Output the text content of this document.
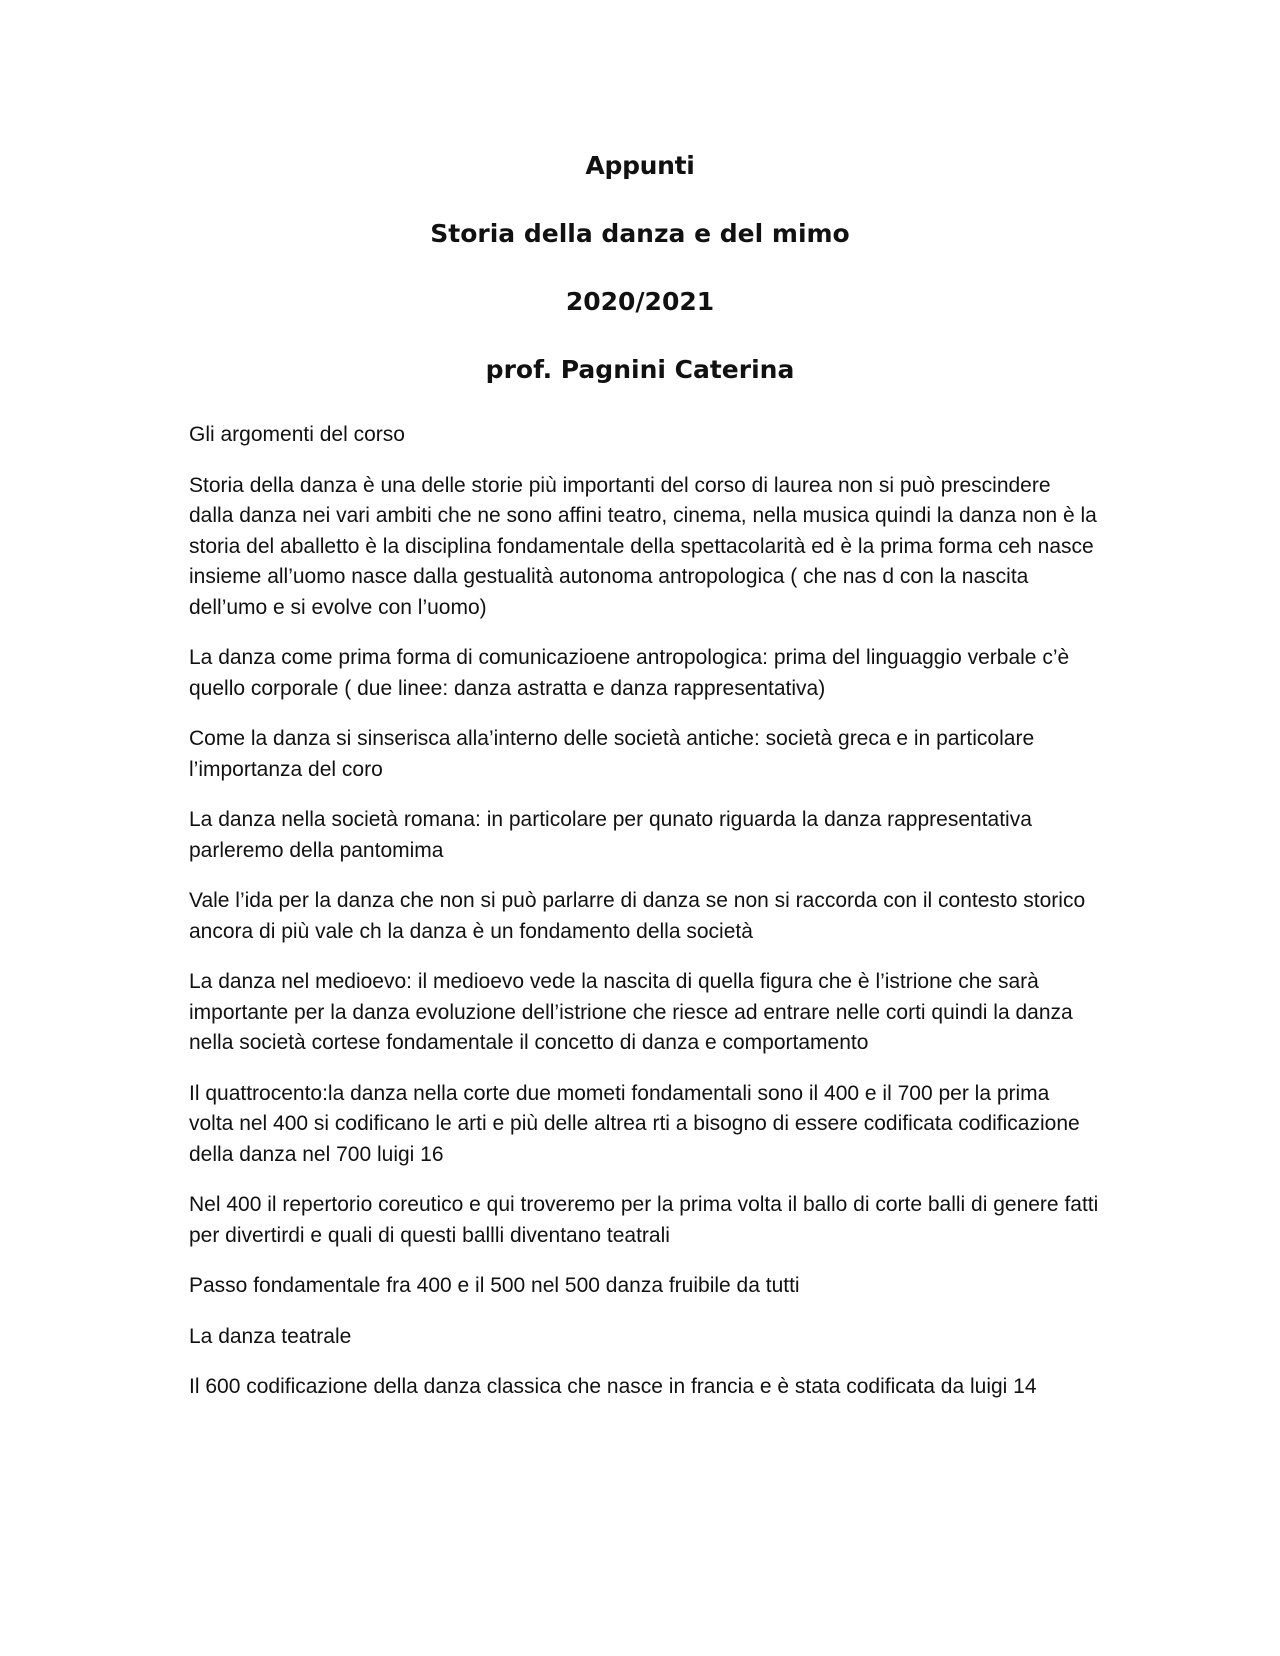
Appunti
Storia della danza e del mimo
2020/2021
prof. Pagnini Caterina

Gli argomenti del corso

Storia della danza è una delle storie più importanti del corso di laurea non si può prescindere dalla danza nei vari ambiti che ne sono affini teatro, cinema, nella musica quindi la danza non è la storia del aballetto è la disciplina fondamentale della spettacolarità ed è la prima forma ceh nasce insieme all’uomo nasce dalla gestualità autonoma antropologica ( che nas d con la nascita dell’umo e si evolve con l’uomo)

La danza come prima forma di comunicazioene antropologica: prima del linguaggio verbale c’è quello corporale ( due linee: danza astratta e danza rappresentativa)

Come la danza si sinserisca alla’interno delle società antiche: società greca e in particolare l’importanza del coro

La danza nella società romana: in particolare per qunato riguarda la danza rappresentativa parleremo della pantomima

Vale l’ida per la danza che non si può parlarre di danza se non si raccorda con il contesto storico ancora di più vale ch la danza è un fondamento della società

La danza nel medioevo: il medioevo vede la nascita di quella figura che è l’istrione che sarà importante per la danza evoluzione dell’istrione che riesce ad entrare nelle corti quindi la danza nella società cortese fondamentale il concetto di danza e comportamento

Il quattrocento:la danza nella corte due mometi fondamentali sono il 400 e il 700 per la prima volta nel 400 si codificano le arti e più delle altrea rti a bisogno di essere codificata codificazione della danza nel 700 luigi 16

Nel 400 il repertorio coreutico e qui troveremo per la prima volta il ballo di corte balli di genere fatti per divertirdi e quali di questi ballli diventano teatrali

Passo fondamentale fra 400 e il 500 nel 500 danza fruibile da tutti

La danza teatrale

Il 600 codificazione della danza classica che nasce in francia e è stata codificata da luigi 14
